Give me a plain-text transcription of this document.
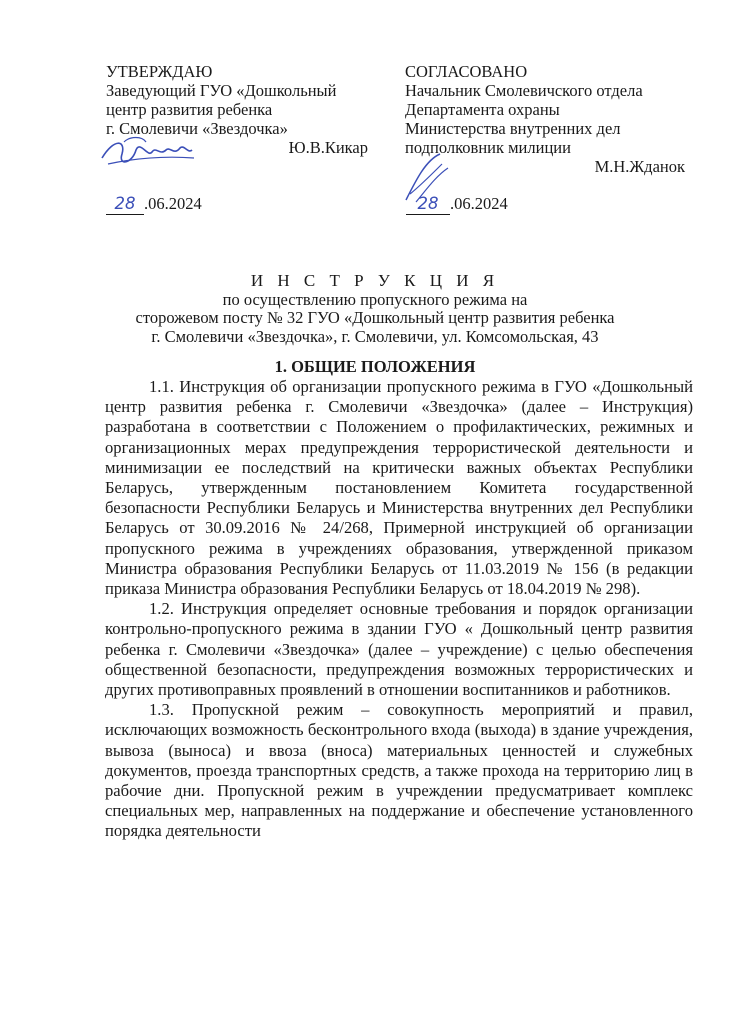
УТВЕРЖДАЮ
Заведующий ГУО «Дошкольный
центр развития ребенка
г. Смолевичи «Звездочка»
Ю.В.Кикар
28 .06.2024
СОГЛАСОВАНО
Начальник Смолевичского отдела
Департамента охраны
Министерства внутренних дел
подполковник милиции
М.Н.Жданок
28 .06.2024
И Н С Т Р У К Ц И Я
по осуществлению пропускного режима на
сторожевом посту № 32 ГУО «Дошкольный центр развития ребенка
г. Смолевичи «Звездочка», г. Смолевичи, ул. Комсомольская, 43
1. ОБЩИЕ ПОЛОЖЕНИЯ

1.1. Инструкция об организации пропускного режима в ГУО «Дошкольный центр развития ребенка г. Смолевичи «Звездочка» (далее – Инструкция) разработана в соответствии с Положением о профилактических, режимных и организационных мерах предупреждения террористической деятельности и минимизации ее последствий на критически важных объектах Республики Беларусь, утвержденным постановлением Комитета государственной безопасности Республики Беларусь и Министерства внутренних дел Республики Беларусь от 30.09.2016 № 24/268, Примерной инструкцией об организации пропускного режима в учреждениях образования, утвержденной приказом Министра образования Республики Беларусь от 11.03.2019 № 156 (в редакции приказа Министра образования Республики Беларусь от 18.04.2019 № 298).

1.2. Инструкция определяет основные требования и порядок организации контрольно-пропускного режима в здании ГУО « Дошкольный центр развития ребенка г. Смолевичи «Звездочка» (далее – учреждение) с целью обеспечения общественной безопасности, предупреждения возможных террористических и других противоправных проявлений в отношении воспитанников и работников.

1.3. Пропускной режим – совокупность мероприятий и правил, исключающих возможность бесконтрольного входа (выхода) в здание учреждения, вывоза (выноса) и ввоза (вноса) материальных ценностей и служебных документов, проезда транспортных средств, а также прохода на территорию лиц в рабочие дни. Пропускной режим в учреждении предусматривает комплекс специальных мер, направленных на поддержание и обеспечение установленного порядка деятельности
